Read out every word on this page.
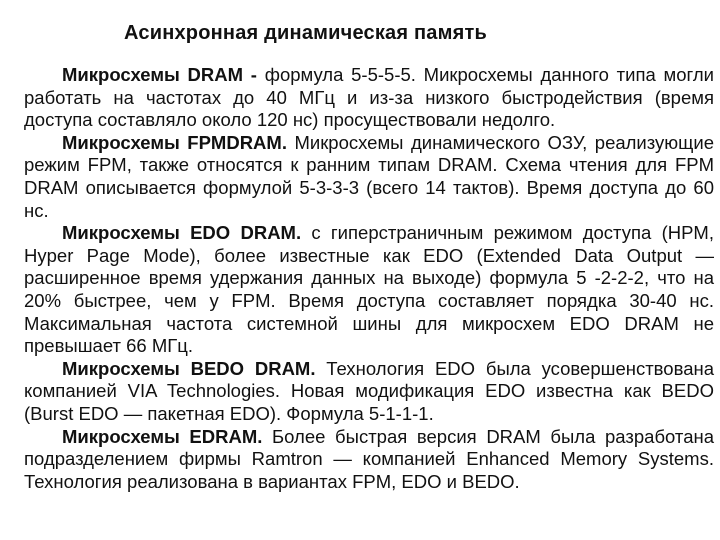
Асинхронная динамическая память

Микросхемы DRAM - формула 5-5-5-5. Микросхемы данного типа могли работать на частотах до 40 МГц и из-за низкого быстродействия (время доступа составляло около 120 нс) просуществовали недолго.

Микросхемы FPMDRAM. Микросхемы динамического ОЗУ, реализующие режим FPM, также относятся к ранним типам DRAM. Схема чтения для FPM DRAM описывается формулой 5-3-3-3 (всего 14 тактов). Время доступа до 60 нс.

Микросхемы EDO DRAM. с гиперстраничным режимом доступа (HPM, Hyper Page Mode), более известные как EDO (Extended Data Output — расширенное время удержания данных на выходе) формула 5 -2-2-2, что на 20% быстрее, чем у FPM. Время доступа составляет порядка 30-40 нс. Максимальная частота системной шины для микросхем EDO DRAM не превышает 66 МГц.

Микросхемы BEDO DRAM. Технология EDO была усовершенствована компанией VIA Technologies. Новая модификация EDO известна как BEDO (Burst EDO — пакетная EDO). Формула 5-1-1-1.

Микросхемы EDRAM. Более быстрая версия DRAM была разработана подразделением фирмы Ramtron — компанией Enhanced Memory Systems. Технология реализована в вариантах FPM, EDO и BEDO.
